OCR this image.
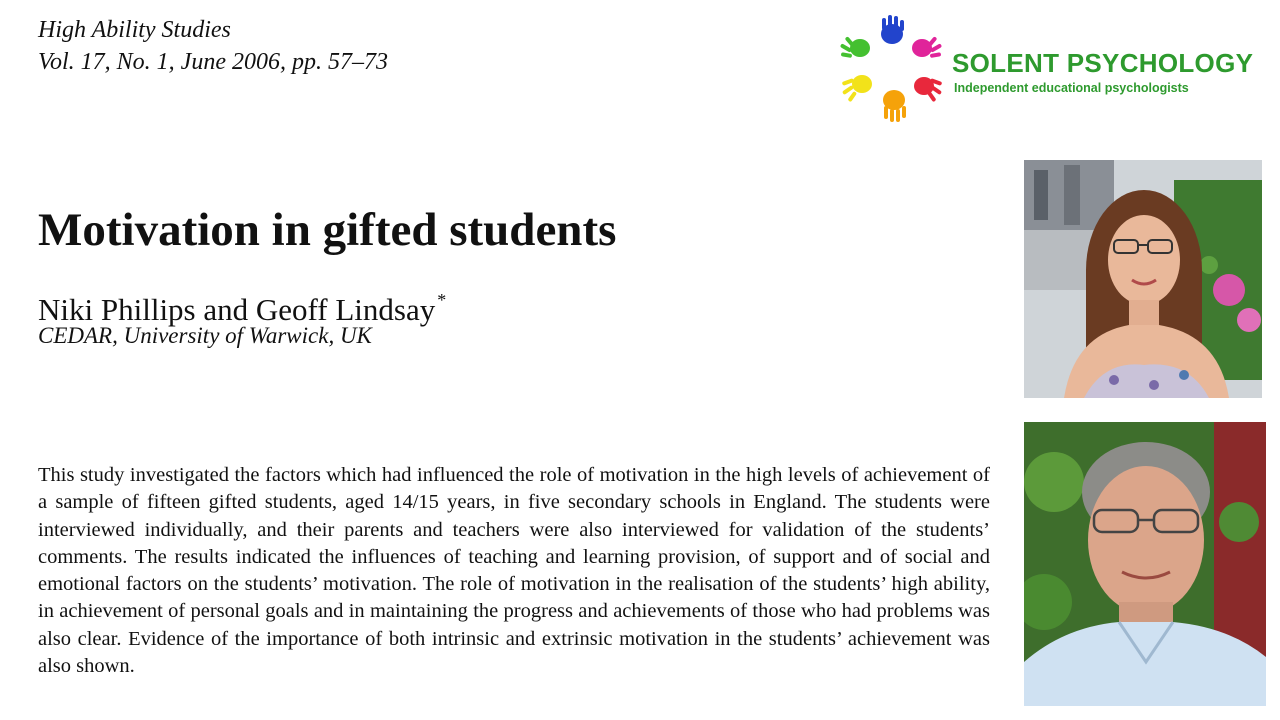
High Ability Studies
Vol. 17, No. 1, June 2006, pp. 57–73	SOLENT PSYCHOLOGY
Independent educational psychologists
Motivation in gifted students
Niki Phillips and Geoff Lindsay *
CEDAR, University of Warwick, UK

This study investigated the factors which had influenced the role of motivation in the high levels of achievement of a sample of fifteen gifted students, aged 14/15 years, in five secondary schools in England. The students were interviewed individually, and their parents and teachers were also interviewed for validation of the students’ comments. The results indicated the influences of teaching and learning provision, of support and of social and emotional factors on the students’ motivation. The role of motivation in the realisation of the students’ high ability, in achievement of personal goals and in maintaining the progress and achievements of those who had problems was also clear. Evidence of the importance of both intrinsic and extrinsic motivation in the students’ achievement was also shown.
